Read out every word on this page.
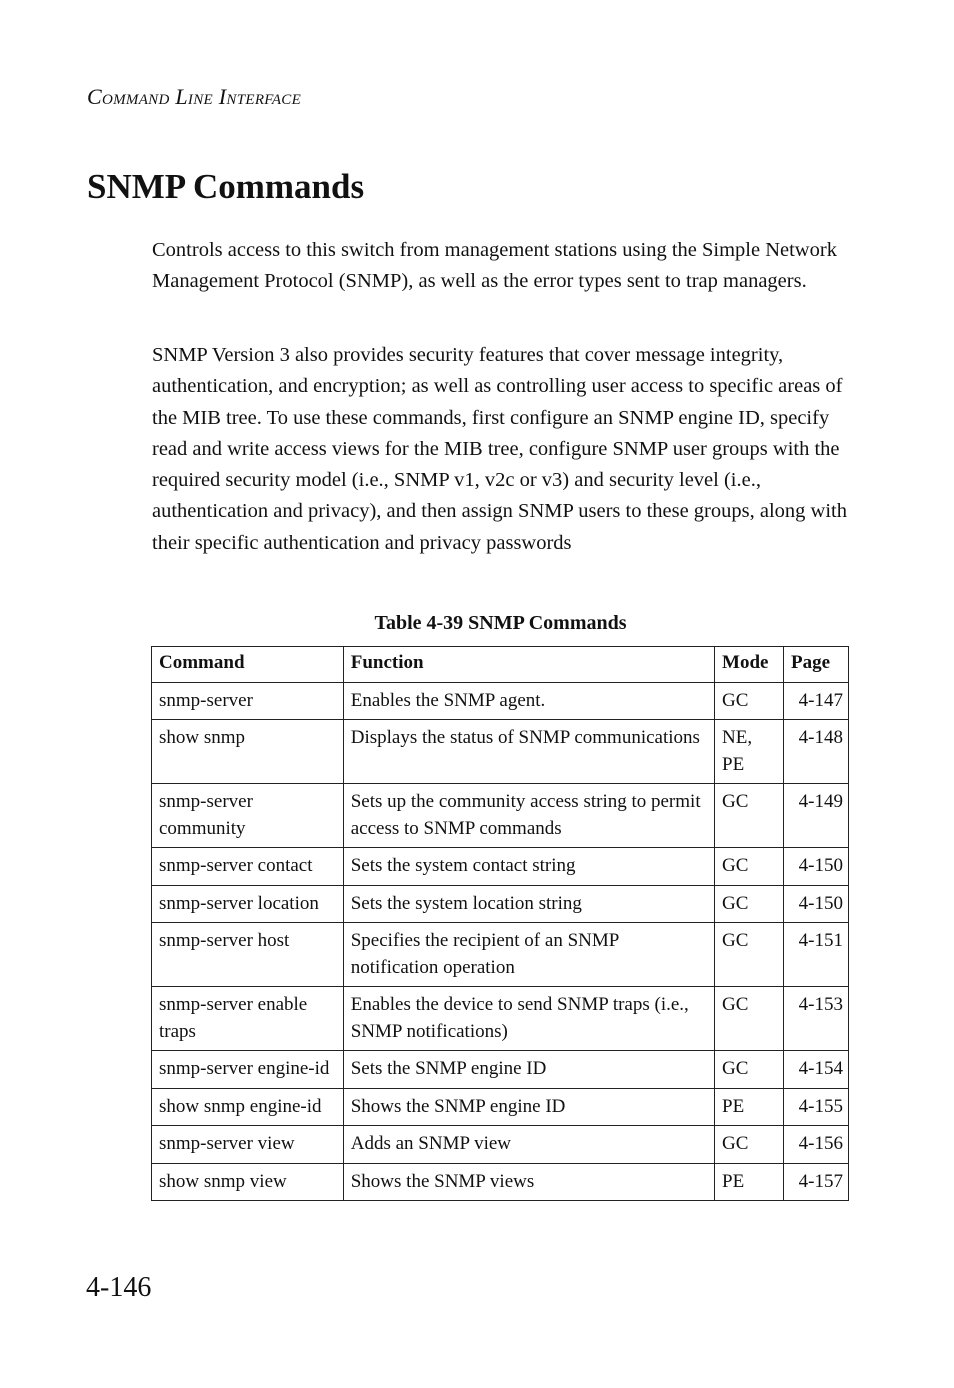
Command Line Interface
SNMP Commands

Controls access to this switch from management stations using the Simple Network Management Protocol (SNMP), as well as the error types sent to trap managers.

SNMP Version 3 also provides security features that cover message integrity, authentication, and encryption; as well as controlling user access to specific areas of the MIB tree. To use these commands, first configure an SNMP engine ID, specify read and write access views for the MIB tree, configure SNMP user groups with the required security model (i.e., SNMP v1, v2c or v3) and security level (i.e., authentication and privacy), and then assign SNMP users to these groups, along with their specific authentication and privacy passwords

Table 4-39 SNMP Commands
Command	Function	Mode	Page
snmp-server	Enables the SNMP agent.	GC	4-147
show snmp	Displays the status of SNMP communications	NE, PE	4-148
snmp-server community	Sets up the community access string to permit access to SNMP commands	GC	4-149
snmp-server contact	Sets the system contact string	GC	4-150
snmp-server location	Sets the system location string	GC	4-150
snmp-server host	Specifies the recipient of an SNMP notification operation	GC	4-151
snmp-server enable traps	Enables the device to send SNMP traps (i.e., SNMP notifications)	GC	4-153
snmp-server engine-id	Sets the SNMP engine ID	GC	4-154
show snmp engine-id	Shows the SNMP engine ID	PE	4-155
snmp-server view	Adds an SNMP view	GC	4-156
show snmp view	Shows the SNMP views	PE	4-157
4-146
